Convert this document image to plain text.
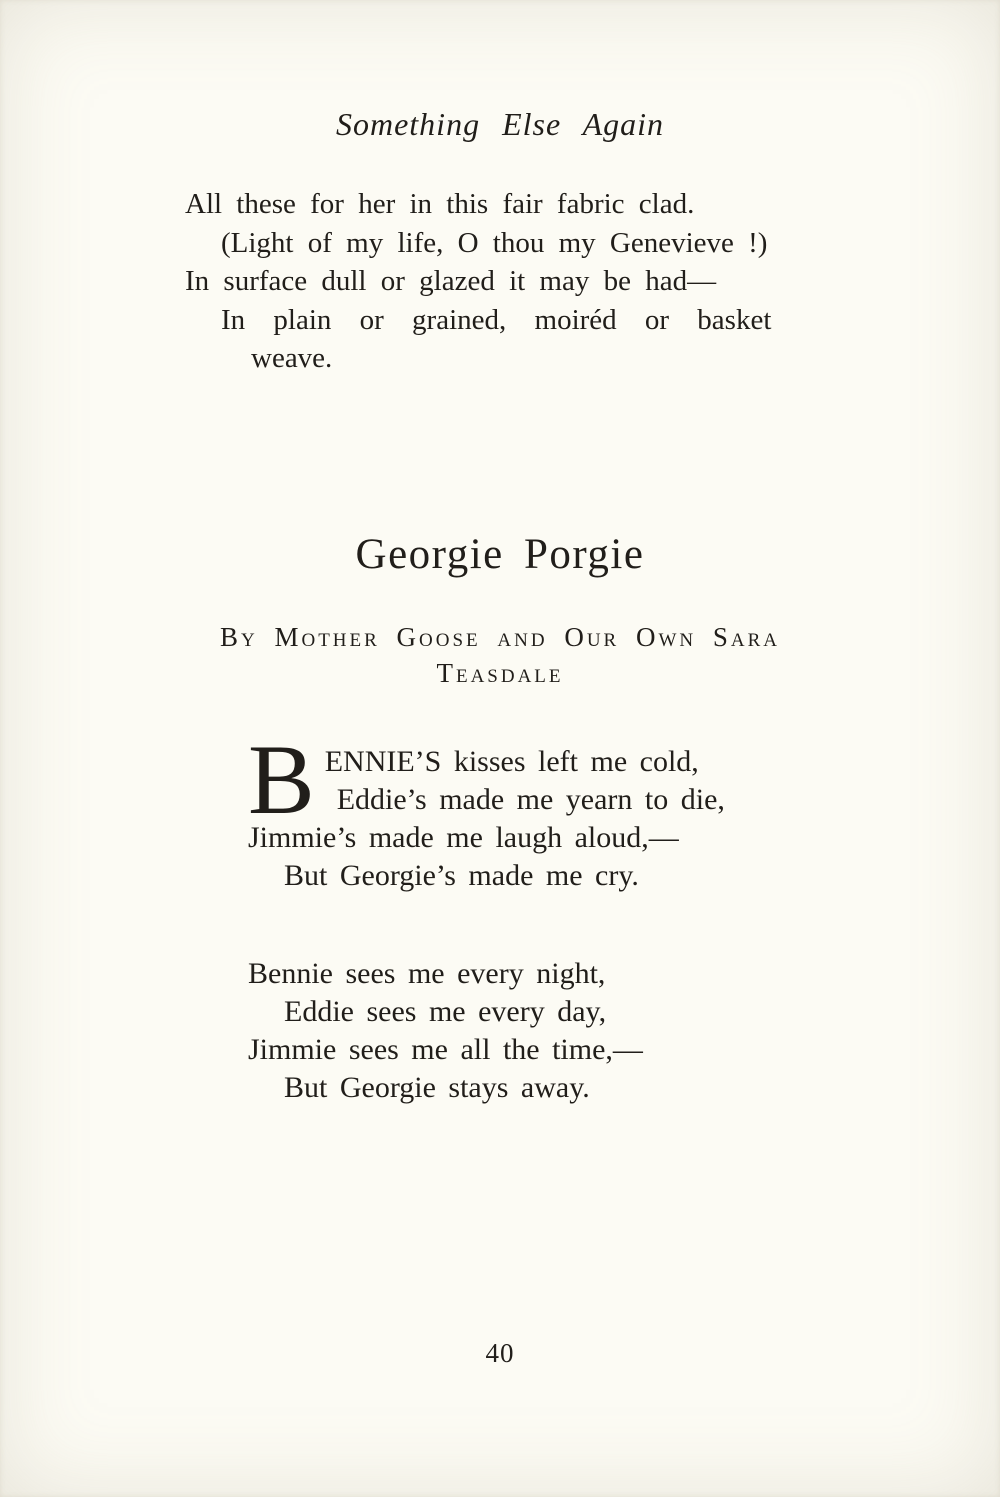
Something Else Again
All these for her in this fair fabric clad.
(Light of my life, O thou my Genevieve !)
In surface dull or glazed it may be had—
In plain or grained, moiréd or basket
weave.
Georgie Porgie
By Mother Goose and Our Own Sara
Teasdale
B ENNIE’S kisses left me cold,
Eddie’s made me yearn to die,
Jimmie’s made me laugh aloud,—
But Georgie’s made me cry.
Bennie sees me every night,
Eddie sees me every day,
Jimmie sees me all the time,—
But Georgie stays away.
40
